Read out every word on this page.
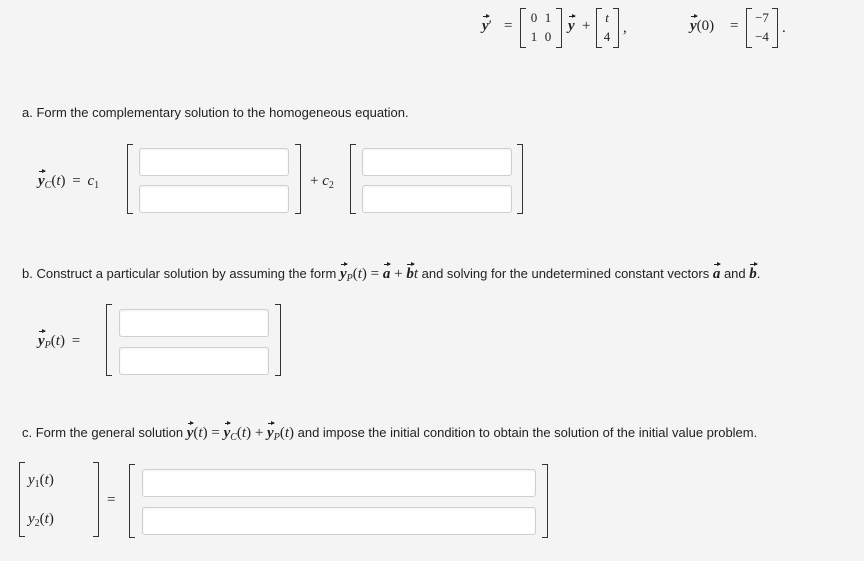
y′ =
0 1
1 0
y +
t
4
,	y(0) =
−7
−4
.
a. Form the complementary solution to the homogeneous equation.
$y_C(t) = c_1$	+ $c_2$
b. Construct a particular solution by assuming the form $y_P(t) = a$ + bt and solving for the undetermined constant vectors a and b.
$y_P(t)$ =
c. Form the general solution $y(t) = y_C(t) + y_P(t)$ and impose the initial condition to obtain the solution of the initial value problem.
$y_1(t)$
$y_2(t)$
=
